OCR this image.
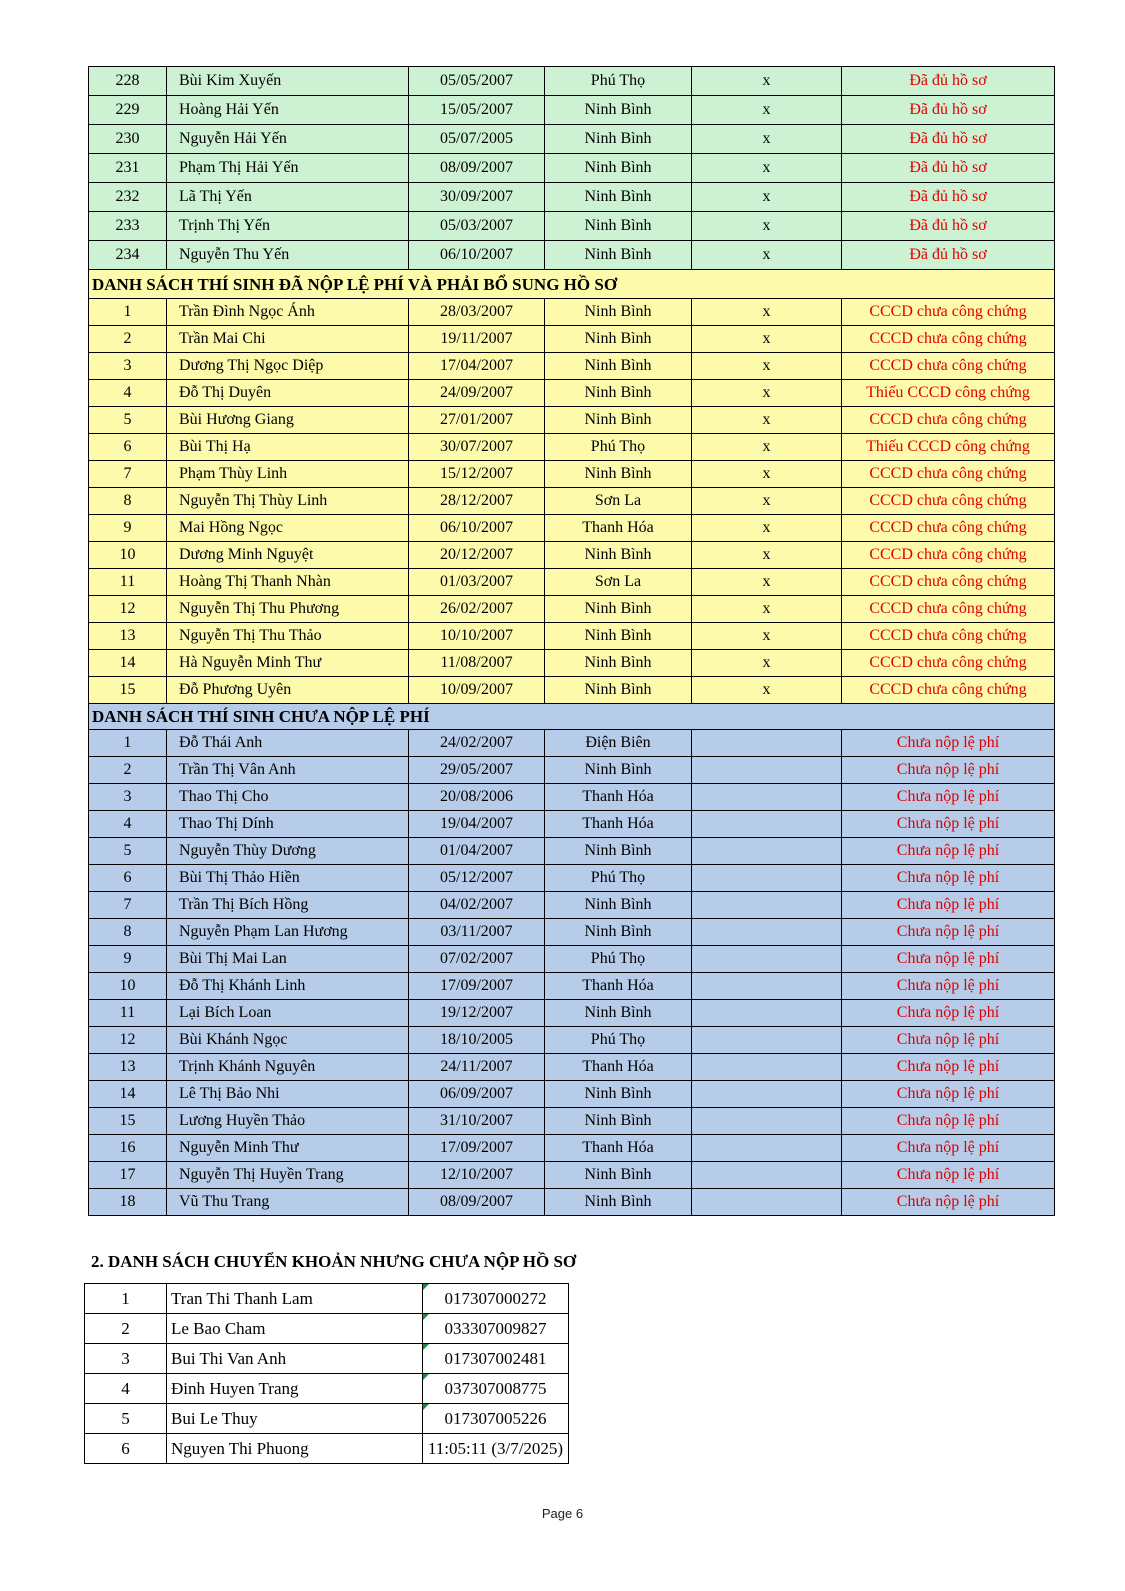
228	Bùi Kim Xuyến	05/05/2007	Phú Thọ	x	Đã đủ hồ sơ
229	Hoàng Hải Yến	15/05/2007	Ninh Bình	x	Đã đủ hồ sơ
230	Nguyễn Hải Yến	05/07/2005	Ninh Bình	x	Đã đủ hồ sơ
231	Phạm Thị Hải Yến	08/09/2007	Ninh Bình	x	Đã đủ hồ sơ
232	Lã Thị Yến	30/09/2007	Ninh Bình	x	Đã đủ hồ sơ
233	Trịnh Thị Yến	05/03/2007	Ninh Bình	x	Đã đủ hồ sơ
234	Nguyễn Thu Yến	06/10/2007	Ninh Bình	x	Đã đủ hồ sơ
DANH SÁCH THÍ SINH ĐÃ NỘP LỆ PHÍ VÀ PHẢI BỔ SUNG HỒ SƠ					
1	Trần Đình Ngọc Ánh	28/03/2007	Ninh Bình	x	CCCD chưa công chứng
2	Trần Mai Chi	19/11/2007	Ninh Bình	x	CCCD chưa công chứng
3	Dương Thị Ngọc Diệp	17/04/2007	Ninh Bình	x	CCCD chưa công chứng
4	Đỗ Thị Duyên	24/09/2007	Ninh Bình	x	Thiếu CCCD công chứng
5	Bùi Hương Giang	27/01/2007	Ninh Bình	x	CCCD chưa công chứng
6	Bùi Thị Hạ	30/07/2007	Phú Thọ	x	Thiếu CCCD công chứng
7	Phạm Thùy Linh	15/12/2007	Ninh Bình	x	CCCD chưa công chứng
8	Nguyễn Thị Thùy Linh	28/12/2007	Sơn La	x	CCCD chưa công chứng
9	Mai Hồng Ngọc	06/10/2007	Thanh Hóa	x	CCCD chưa công chứng
10	Dương Minh Nguyệt	20/12/2007	Ninh Bình	x	CCCD chưa công chứng
11	Hoàng Thị Thanh Nhàn	01/03/2007	Sơn La	x	CCCD chưa công chứng
12	Nguyễn Thị Thu Phương	26/02/2007	Ninh Bình	x	CCCD chưa công chứng
13	Nguyễn Thị Thu Thảo	10/10/2007	Ninh Bình	x	CCCD chưa công chứng
14	Hà Nguyễn Minh Thư	11/08/2007	Ninh Bình	x	CCCD chưa công chứng
15	Đỗ Phương Uyên	10/09/2007	Ninh Bình	x	CCCD chưa công chứng
DANH SÁCH THÍ SINH CHƯA NỘP LỆ PHÍ					
1	Đỗ Thái Anh	24/02/2007	Điện Biên		Chưa nộp lệ phí
2	Trần Thị Vân Anh	29/05/2007	Ninh Bình		Chưa nộp lệ phí
3	Thao Thị Cho	20/08/2006	Thanh Hóa		Chưa nộp lệ phí
4	Thao Thị Dính	19/04/2007	Thanh Hóa		Chưa nộp lệ phí
5	Nguyễn Thùy Dương	01/04/2007	Ninh Bình		Chưa nộp lệ phí
6	Bùi Thị Thảo Hiền	05/12/2007	Phú Thọ		Chưa nộp lệ phí
7	Trần Thị Bích Hồng	04/02/2007	Ninh Bình		Chưa nộp lệ phí
8	Nguyễn Phạm Lan Hương	03/11/2007	Ninh Bình		Chưa nộp lệ phí
9	Bùi Thị Mai Lan	07/02/2007	Phú Thọ		Chưa nộp lệ phí
10	Đỗ Thị Khánh Linh	17/09/2007	Thanh Hóa		Chưa nộp lệ phí
11	Lại Bích Loan	19/12/2007	Ninh Bình		Chưa nộp lệ phí
12	Bùi Khánh Ngọc	18/10/2005	Phú Thọ		Chưa nộp lệ phí
13	Trịnh Khánh Nguyên	24/11/2007	Thanh Hóa		Chưa nộp lệ phí
14	Lê Thị Bảo Nhi	06/09/2007	Ninh Bình		Chưa nộp lệ phí
15	Lương Huyền Thảo	31/10/2007	Ninh Bình		Chưa nộp lệ phí
16	Nguyễn Minh Thư	17/09/2007	Thanh Hóa		Chưa nộp lệ phí
17	Nguyễn Thị Huyền Trang	12/10/2007	Ninh Bình		Chưa nộp lệ phí
18	Vũ Thu Trang	08/09/2007	Ninh Bình		Chưa nộp lệ phí
2. DANH SÁCH CHUYỂN KHOẢN NHƯNG CHƯA NỘP HỒ SƠ
1	Tran Thi Thanh Lam	017307000272
2	Le Bao Cham	033307009827
3	Bui Thi Van Anh	017307002481
4	Đinh Huyen Trang	037307008775
5	Bui Le Thuy	017307005226
6	Nguyen Thi Phuong	11:05:11 (3/7/2025)
Page 6
